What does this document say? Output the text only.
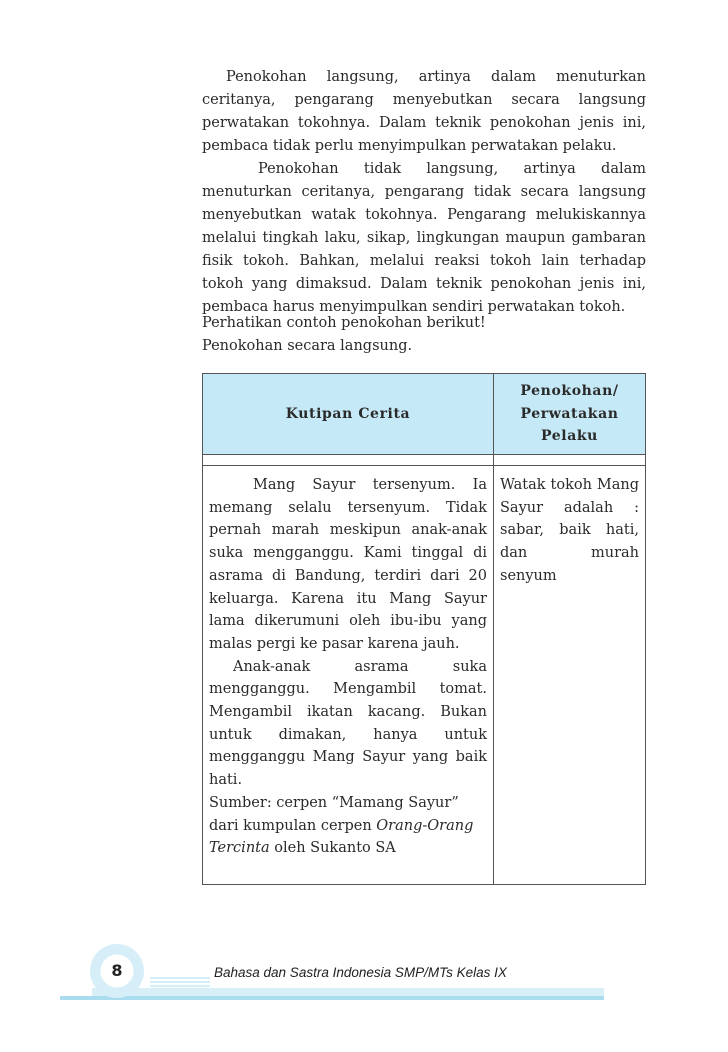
Penokohan langsung, artinya dalam menuturkan ceritanya, pengarang menyebutkan secara langsung perwatakan tokohnya. Dalam teknik penokohan jenis ini, pembaca tidak perlu menyimpulkan perwatakan pelaku.

Penokohan tidak langsung, artinya dalam menuturkan ceritanya, pengarang tidak secara langsung menyebutkan watak tokohnya. Pengarang melukiskannya melalui tingkah laku, sikap, lingkungan maupun gambaran fisik tokoh. Bahkan, melalui reaksi tokoh lain terhadap tokoh yang dimaksud. Dalam teknik penokohan jenis ini, pembaca harus menyimpulkan sendiri perwatakan tokoh.

Perhatikan contoh penokohan berikut!

Penokohan secara langsung.

Kutipan Cerita	Penokohan/ Perwatakan Pelaku

Mang Sayur tersenyum. Ia memang selalu tersenyum. Tidak pernah marah meskipun anak-anak suka mengganggu. Kami tinggal di asrama di Bandung, terdiri dari 20 keluarga. Karena itu Mang Sayur lama dikerumuni oleh ibu-ibu yang malas pergi ke pasar karena jauh.

Anak-anak asrama suka mengganggu. Mengambil tomat. Mengambil ikatan kacang. Bukan untuk dimakan, hanya untuk mengganggu Mang Sayur yang baik hati.

Sumber: cerpen “Mamang Sayur” dari kumpulan cerpen Orang-Orang Tercinta oleh Sukanto SA	Watak tokoh Mang Sayur adalah : sabar, baik hati, dan murah senyum

8	Bahasa dan Sastra Indonesia SMP/MTs Kelas IX
